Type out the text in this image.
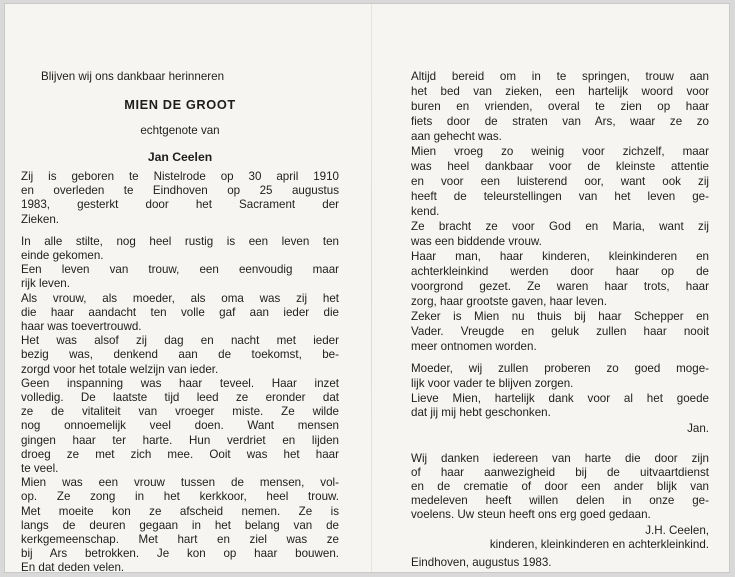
Blijven wij ons dankbaar herinneren
MIEN DE GROOT
echtgenote van
Jan Ceelen
Zij is geboren te Nistelrode op 30 april 1910
en overleden te Eindhoven op 25 augustus
1983, gesterkt door het Sacrament der
Zieken.
In alle stilte, nog heel rustig is een leven ten
einde gekomen.
Een leven van trouw, een eenvoudig maar
rijk leven.
Als vrouw, als moeder, als oma was zij het
die haar aandacht ten volle gaf aan ieder die
haar was toevertrouwd.
Het was alsof zij dag en nacht met ieder
bezig was, denkend aan de toekomst, be-
zorgd voor het totale welzijn van ieder.
Geen inspanning was haar teveel. Haar inzet
volledig. De laatste tijd leed ze eronder dat
ze de vitaliteit van vroeger miste. Ze wilde
nog onnoemelijk veel doen. Want mensen
gingen haar ter harte. Hun verdriet en lijden
droeg ze met zich mee. Ooit was het haar
te veel.
Mien was een vrouw tussen de mensen, vol-
op. Ze zong in het kerkkoor, heel trouw.
Met moeite kon ze afscheid nemen. Ze is
langs de deuren gegaan in het belang van de
kerkgemeenschap. Met hart en ziel was ze
bij Ars betrokken. Je kon op haar bouwen.
En dat deden velen.
Altijd bereid om in te springen, trouw aan
het bed van zieken, een hartelijk woord voor
buren en vrienden, overal te zien op haar
fiets door de straten van Ars, waar ze zo
aan gehecht was.
Mien vroeg zo weinig voor zichzelf, maar
was heel dankbaar voor de kleinste attentie
en voor een luisterend oor, want ook zij
heeft de teleurstellingen van het leven ge-
kend.
Ze bracht ze voor God en Maria, want zij
was een biddende vrouw.
Haar man, haar kinderen, kleinkinderen en
achterkleinkind werden door haar op de
voorgrond gezet. Ze waren haar trots, haar
zorg, haar grootste gaven, haar leven.
Zeker is Mien nu thuis bij haar Schepper en
Vader. Vreugde en geluk zullen haar nooit
meer ontnomen worden.
Moeder, wij zullen proberen zo goed moge-
lijk voor vader te blijven zorgen.
Lieve Mien, hartelijk dank voor al het goede
dat jij mij hebt geschonken.
Jan.
Wij danken iedereen van harte die door zijn
of haar aanwezigheid bij de uitvaartdienst
en de crematie of door een ander blijk van
medeleven heeft willen delen in onze ge-
voelens. Uw steun heeft ons erg goed gedaan.
J.H. Ceelen,
kinderen, kleinkinderen en achterkleinkind.
Eindhoven, augustus 1983.
